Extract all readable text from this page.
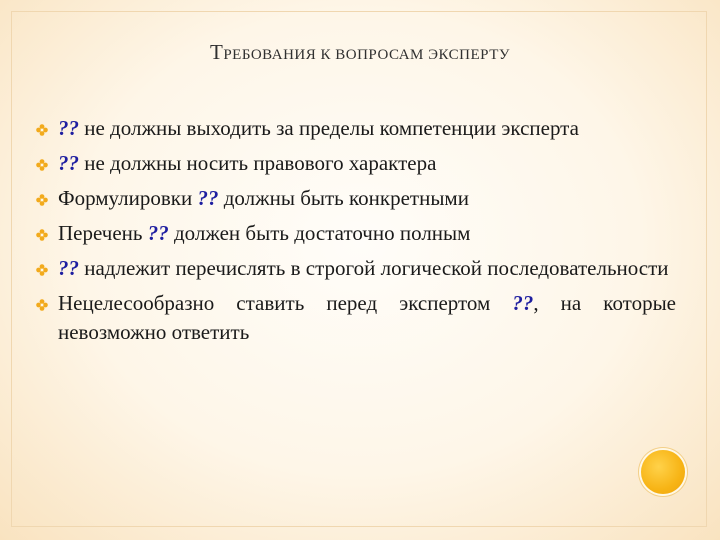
ТРЕБОВАНИЯ К ВОПРОСАМ ЭКСПЕРТУ
?? не должны выходить за пределы компетенции эксперта
?? не должны носить правового характера
Формулировки ?? должны быть конкретными
Перечень ?? должен быть достаточно полным
?? надлежит перечислять в строгой логической последовательности
Нецелесообразно ставить перед экспертом ??, на которые невозможно ответить
